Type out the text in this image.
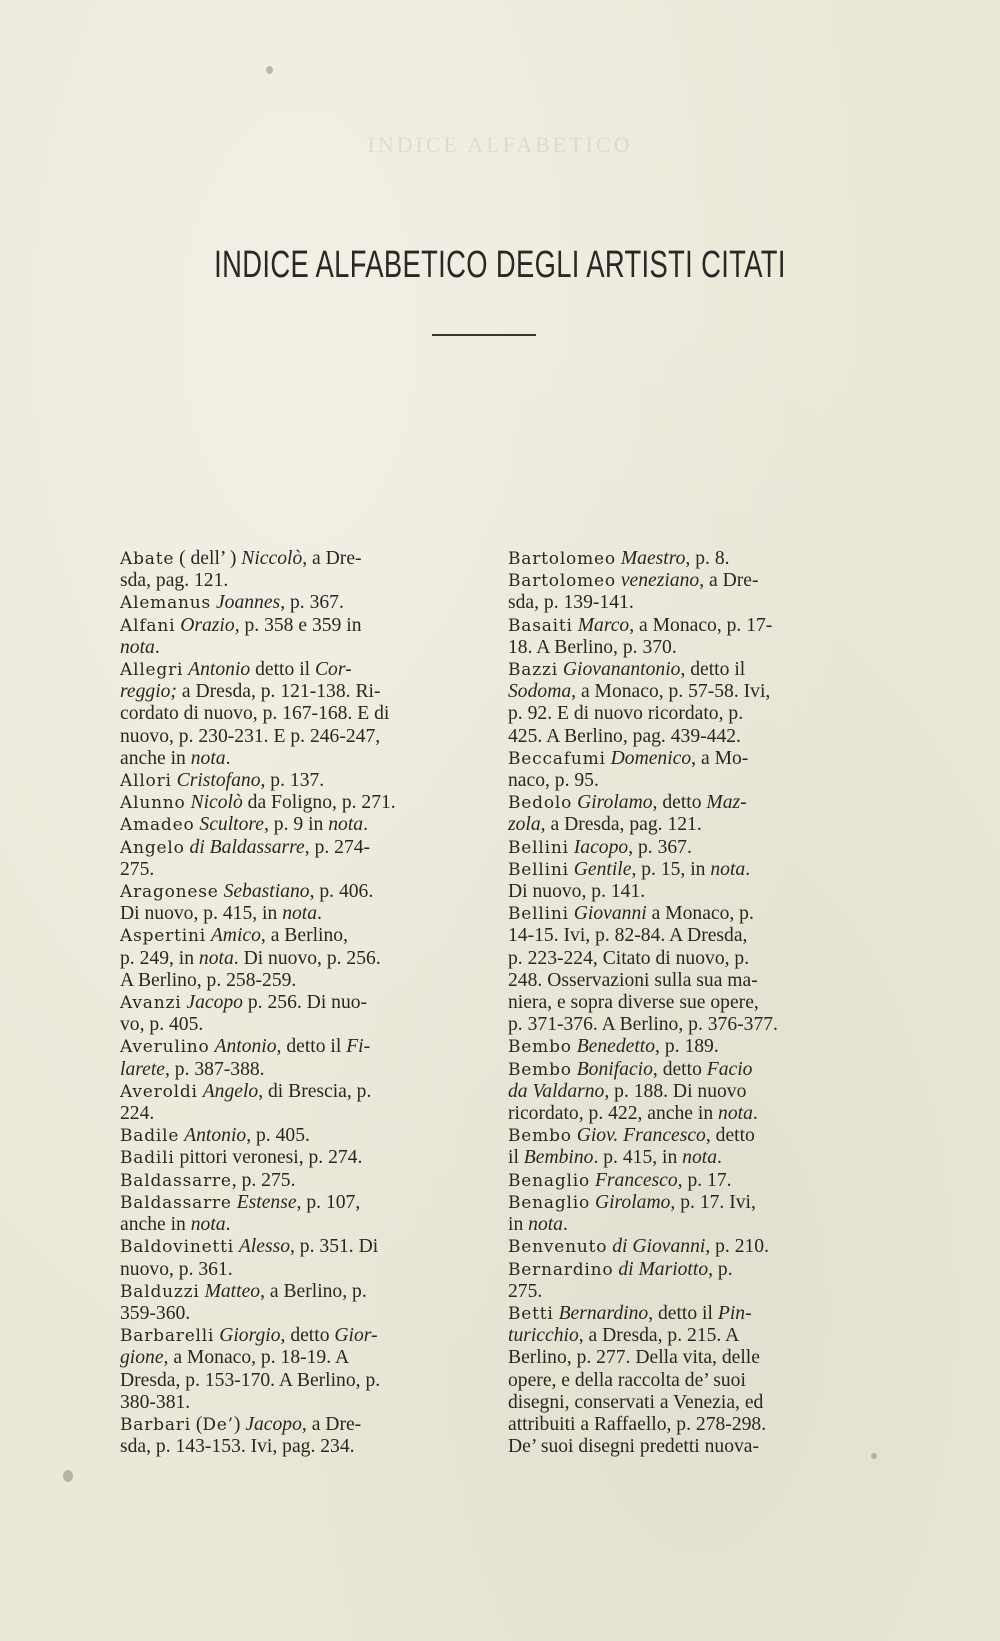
INDICE ALFABETICO
INDICE ALFABETICO DEGLI ARTISTI CITATI

Abate ( dell’ ) Niccolò, a Dre-
sda, pag. 121.

Alemanus Joannes, p. 367.

Alfani Orazio, p. 358 e 359 in
nota.

Allegri Antonio detto il Cor-
reggio; a Dresda, p. 121-138. Ri-
cordato di nuovo, p. 167-168. E di
nuovo, p. 230-231. E p. 246-247,
anche in nota.

Allori Cristofano, p. 137.

Alunno Nicolò da Foligno, p. 271.

Amadeo Scultore, p. 9 in nota.

Angelo di Baldassarre, p. 274-
275.

Aragonese Sebastiano, p. 406.
Di nuovo, p. 415, in nota.

Aspertini Amico, a Berlino,
p. 249, in nota. Di nuovo, p. 256.
A Berlino, p. 258-259.

Avanzi Jacopo p. 256. Di nuo-
vo, p. 405.

Averulino Antonio, detto il Fi-
larete, p. 387-388.

Averoldi Angelo, di Brescia, p.
224.

Badile Antonio, p. 405.

Badili pittori veronesi, p. 274.

Baldassarre, p. 275.

Baldassarre Estense, p. 107,
anche in nota.

Baldovinetti Alesso, p. 351. Di
nuovo, p. 361.

Balduzzi Matteo, a Berlino, p.
359-360.

Barbarelli Giorgio, detto Gior-
gione, a Monaco, p. 18-19. A
Dresda, p. 153-170. A Berlino, p.
380-381.

Barbari (De’) Jacopo, a Dre-
sda, p. 143-153. Ivi, pag. 234.

Bartolomeo Maestro, p. 8.

Bartolomeo veneziano, a Dre-
sda, p. 139-141.

Basaiti Marco, a Monaco, p. 17-
18. A Berlino, p. 370.

Bazzi Giovanantonio, detto il
Sodoma, a Monaco, p. 57-58. Ivi,
p. 92. E di nuovo ricordato, p.
425. A Berlino, pag. 439-442.

Beccafumi Domenico, a Mo-
naco, p. 95.

Bedolo Girolamo, detto Maz-
zola, a Dresda, pag. 121.

Bellini Iacopo, p. 367.

Bellini Gentile, p. 15, in nota.
Di nuovo, p. 141.

Bellini Giovanni a Monaco, p.
14-15. Ivi, p. 82-84. A Dresda,
p. 223-224, Citato di nuovo, p.
248. Osservazioni sulla sua ma-
niera, e sopra diverse sue opere,
p. 371-376. A Berlino, p. 376-377.

Bembo Benedetto, p. 189.

Bembo Bonifacio, detto Facio
da Valdarno, p. 188. Di nuovo
ricordato, p. 422, anche in nota.

Bembo Giov. Francesco, detto
il Bembino. p. 415, in nota.

Benaglio Francesco, p. 17.

Benaglio Girolamo, p. 17. Ivi,
in nota.

Benvenuto di Giovanni, p. 210.

Bernardino di Mariotto, p.
275.

Betti Bernardino, detto il Pin-
turicchio, a Dresda, p. 215. A
Berlino, p. 277. Della vita, delle
opere, e della raccolta de’ suoi
disegni, conservati a Venezia, ed
attribuiti a Raffaello, p. 278-298.
De’ suoi disegni predetti nuova-
